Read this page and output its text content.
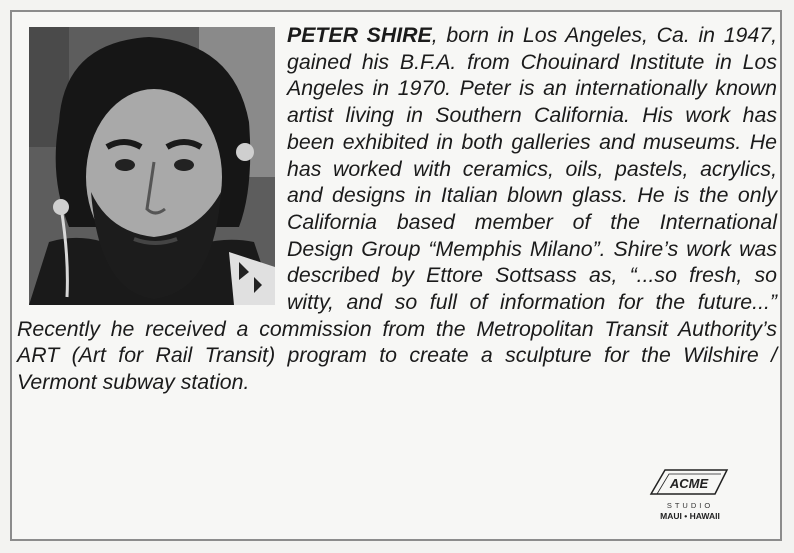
PETER SHIRE, born in Los Angeles, Ca. in 1947, gained his B.F.A. from Chouinard Institute in Los Angeles in 1970. Peter is an internationally known artist living in Southern California. His work has been exhibited in both galleries and museums. He has worked with ceramics, oils, pastels, acrylics, and designs in Italian blown glass. He is the only California based member of the International Design Group “Memphis Milano”. Shire’s work was described by Ettore Sottsass as, “...so fresh, so witty, and so full of information for the future...” Recently he received a commission from the Metropolitan Transit Authority’s ART (Art for Rail Transit) program to create a sculpture for the Wilshire / Vermont subway station.

ACME
STUDIO
MAUI • HAWAII
